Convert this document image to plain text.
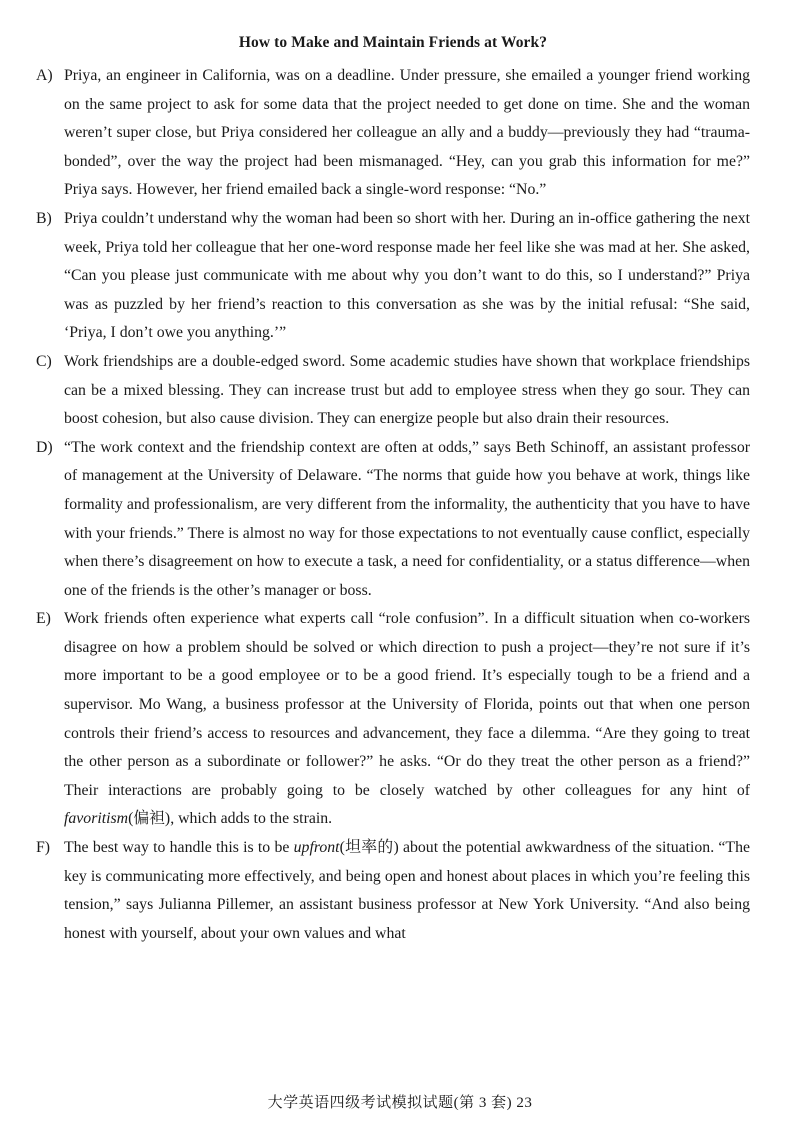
How to Make and Maintain Friends at Work?

A) Priya, an engineer in California, was on a deadline. Under pressure, she emailed a younger friend working on the same project to ask for some data that the project needed to get done on time. She and the woman weren’t super close, but Priya considered her colleague an ally and a buddy—previously they had “trauma-bonded”, over the way the project had been mismanaged. “Hey, can you grab this information for me?” Priya says. However, her friend emailed back a single-word response: “No.”

B) Priya couldn’t understand why the woman had been so short with her. During an in-office gathering the next week, Priya told her colleague that her one-word response made her feel like she was mad at her. She asked, “Can you please just communicate with me about why you don’t want to do this, so I understand?” Priya was as puzzled by her friend’s reaction to this conversation as she was by the initial refusal: “She said, ‘Priya, I don’t owe you anything.’”

C) Work friendships are a double-edged sword. Some academic studies have shown that workplace friendships can be a mixed blessing. They can increase trust but add to employee stress when they go sour. They can boost cohesion, but also cause division. They can energize people but also drain their resources.

D) “The work context and the friendship context are often at odds,” says Beth Schinoff, an assistant professor of management at the University of Delaware. “The norms that guide how you behave at work, things like formality and professionalism, are very different from the informality, the authenticity that you have to have with your friends.” There is almost no way for those expectations to not eventually cause conflict, especially when there’s disagreement on how to execute a task, a need for confidentiality, or a status difference—when one of the friends is the other’s manager or boss.

E) Work friends often experience what experts call “role confusion”. In a difficult situation when co-workers disagree on how a problem should be solved or which direction to push a project—they’re not sure if it’s more important to be a good employee or to be a good friend. It’s especially tough to be a friend and a supervisor. Mo Wang, a business professor at the University of Florida, points out that when one person controls their friend’s access to resources and advancement, they face a dilemma. “Are they going to treat the other person as a subordinate or follower?” he asks. “Or do they treat the other person as a friend?” Their interactions are probably going to be closely watched by other colleagues for any hint of favoritism(偏袒), which adds to the strain.

F) The best way to handle this is to be upfront(坦率的) about the potential awkwardness of the situation. “The key is communicating more effectively, and being open and honest about places in which you’re feeling this tension,” says Julianna Pillemer, an assistant business professor at New York University. “And also being honest with yourself, about your own values and what

大学英语四级考试模拟试题(第 3 套) 23
